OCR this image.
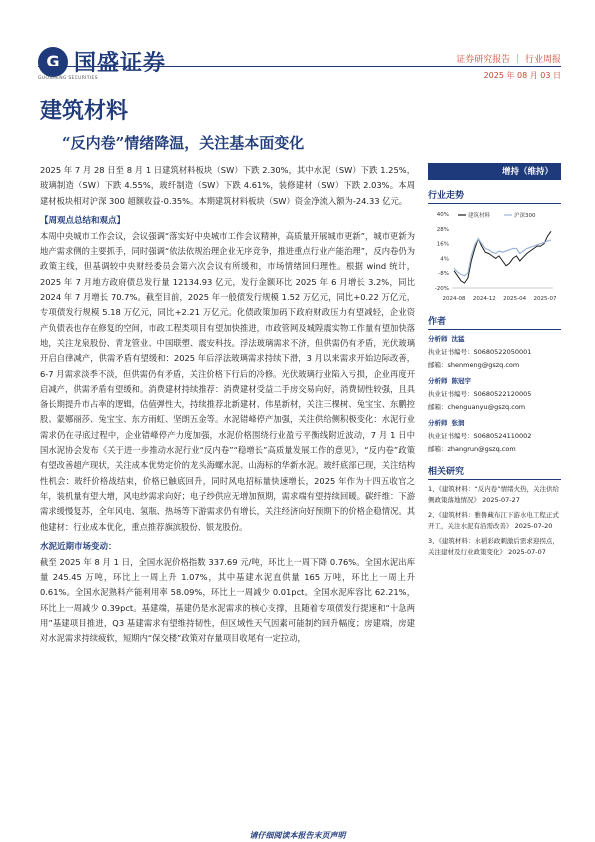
G 国盛证券
GUOSHENG SECURITIES
证券研究报告 ｜ 行业周报
2025 年 08 月 03 日
建筑材料
“反内卷”情绪降温，关注基本面变化
2025 年 7 月 28 日至 8 月 1 日建筑材料板块（SW）下跌 2.30%，其中水泥（SW）下跌 1.25%，玻璃制造（SW）下跌 4.55%，玻纤制造（SW）下跌 4.61%，装修建材（SW）下跌 2.03%。本周建材板块相对沪深 300 超额收益-0.35%。本期建筑材料板块（SW）资金净流入额为-24.33 亿元。
【周观点总结和观点】
本周中央城市工作会议，会议强调“落实好中央城市工作会议精神，高质量开展城市更新”，城市更新为地产需求侧的主要抓手，同时强调“依法依规治理企业无序竞争，推进重点行业产能治理”，反内卷仍为政策主线，但基调较中央财经委员会第六次会议有所缓和，市场情绪回归理性。根据 wind 统计，2025 年 7 月地方政府债总发行量 12134.93 亿元，发行金额环比 2025 年 6 月增长 3.2%，同比 2024 年 7 月增长 70.7%。截至目前，2025 年一般债发行规模 1.52 万亿元，同比+0.22 万亿元，专项债发行规模 5.18 万亿元，同比+2.21 万亿元。化债政策加码下政府财政压力有望减轻，企业资产负债表也存在修复的空间，市政工程类项目有望加快推进，市政管网及城隍震实物工作量有望加快落地，关注龙泉股份、青龙管业、中国联塑、震安科技。浮法玻璃需求不济，但供需仍有矛盾，光伏玻璃开启自律减产，供需矛盾有望缓和：2025 年后浮法玻璃需求持续下滑，3 月以来需求开始边际改善，6-7 月需求淡季不淡，但供需仍有矛盾，关注价格下行后的冷修。光伏玻璃行业陷入亏损，企业再度开启减产，供需矛盾有望缓和。消费建材持续推荐：消费建材受益二手房交易向好，消费韧性较强，且具备长期提升市占率的逻辑，估值弹性大，持续推荐北新建材、伟星新材，关注三棵树、兔宝宝、东鹏控股、蒙娜丽莎、兔宝宝、东方雨虹、坚朗五金等。水泥错峰停产加强，关注供给侧积极变化：水泥行业需求仍在寻底过程中，企业错峰停产力度加强，水泥价格围绕行业盈亏平衡线附近波动，7 月 1 日中国水泥协会发布《关于进一步推动水泥行业“反内卷”“稳增长”高质量发展工作的意见》，“反内卷”政策有望改善超产现状，关注成本优势定价的龙头海螺水泥、山海标的华新水泥。玻纤底部已现，关注结构性机会：玻纤价格战结束，价格已触底回升，同时风电招标量快速增长，2025 年作为十四五收官之年，装机量有望大增，风电纱需求向好；电子纱供应无增加预期，需求端有望持续回暖。碳纤维：下游需求缓慢复苏，全年风电、氢瓶、热场等下游需求仍有增长，关注经济向好预期下的价格企稳情况。其他建材：行业成本优化，重点推荐旗滨股份、银龙股份。
水泥近期市场变动：
截至 2025 年 8 月 1 日，全国水泥价格指数 337.69 元/吨，环比上一周下降 0.76%。全国水泥出库量 245.45 万吨，环比上一周上升 1.07%，其中基建水泥直供量 165 万吨，环比上一周上升 0.61%。全国水泥熟料产能利用率 58.09%，环比上一周减少 0.01pct。全国水泥库容比 62.21%，环比上一周减少 0.39pct。基建端，基建仍是水泥需求的核心支撑，且随着专项债发行提速和“十急两用”基建项目推进，Q3 基建需求有望维持韧性，但区域性天气因素可能制约回升幅度；房建端，房建对水泥需求持续疲软，短期内“保交楼”政策对存量项目收尾有一定拉动，
增持（维持）
行业走势
40%
28%
16%
4%
-8%
-20%
2024-08 2024-12 2025-04 2025-07
建筑材料	沪深300
作者
分析师 沈猛
执业证书编号：S0680522050001
邮箱：shenmeng@gszq.com
分析师 陈冠宇
执业证书编号：S0680522120005
邮箱：chenguanyu@gszq.com
分析师 张润
执业证书编号：S0680524110002
邮箱：zhangrun@gszq.com
相关研究
1、《建筑材料：“反内卷”情绪火热，关注供给侧政策落地情况》 2025-07-27
2、《建筑材料：雅鲁藏布江下游水电工程正式开工，关注水泥有沿需改善》 2025-07-20
3、《建筑材料：水稻彩政刺激后需求迎拐点，关注建材及行业政策变化》 2025-07-07
请仔细阅读本报告末页声明
